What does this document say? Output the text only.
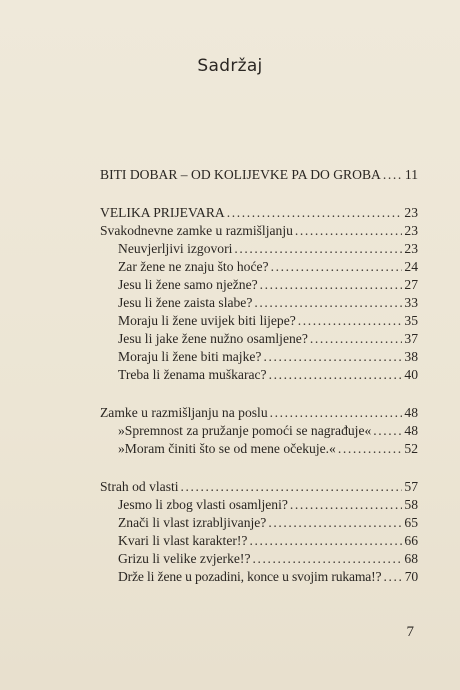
Sadržaj
BITI DOBAR – OD KOLIJEVKE PA DO GROBA ..... 11
VELIKA PRIJEVARA .....	23
Svakodnevne zamke u razmišljanju .....	23
Neuvjerljivi izgovori .....	23
Zar žene ne znaju što hoće? .....	24
Jesu li žene samo nježne? .....	27
Jesu li žene zaista slabe? .....	33
Moraju li žene uvijek biti lijepe? .....	35
Jesu li jake žene nužno osamljene? .....	37
Moraju li žene biti majke? .....	38
Treba li ženama muškarac? .....	40
Zamke u razmišljanju na poslu .....	48
»Spremnost za pružanje pomoći se nagrađuje« ..... 48
»Moram činiti što se od mene očekuje.« .....	52
Strah od vlasti .....	57
Jesmo li zbog vlasti osamljeni? .....	58
Znači li vlast izrabljivanje? .....	65
Kvari li vlast karakter!? .....	66
Grizu li velike zvjerke!? .....	68
Drže li žene u pozadini, konce u svojim rukama!? ..... 70
7
